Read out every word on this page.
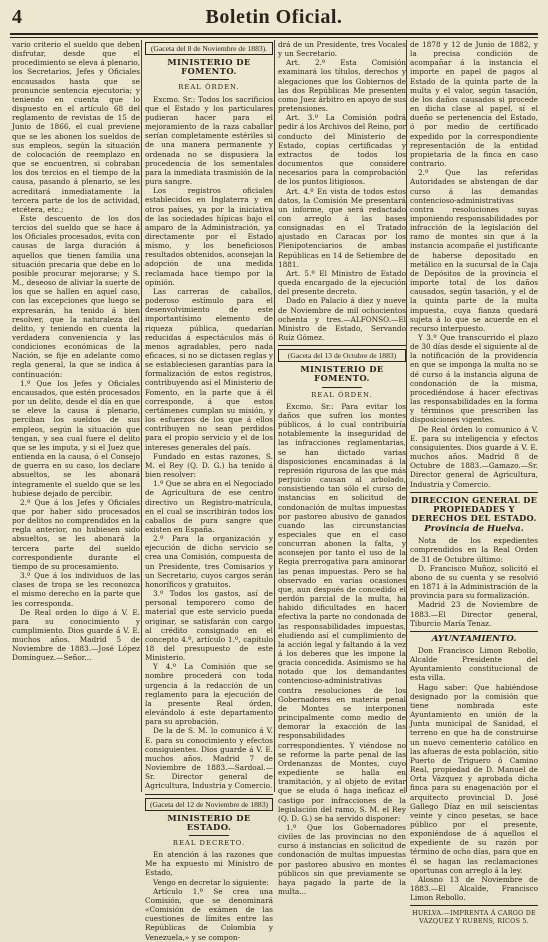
4	Boletin Oficial.

vario criterio el sueldo que deben disfrutar, desde que el procedimiento se eleva á plenario, los Secretarios, Jefes y Oficiales encausados hasta que se pronuncie sentencia ejecutoria; y teniendo en cuenta que lo dispuesto en el artículo 68 del reglamento de revistas de 15 de Junio de 1866, el cual previene que se les abonen los sueldos de sus empleos, según la situación de colocación de reemplazo en que se encuentren, si cobraban los dos tercios en el tiempo de la causa, pasando á plenario, se les acreditará inmediatamente la tercera parte de los de actividad, etcétera, etc.;

Este descuento de los dos tercios del sueldo que se hace á los Oficiales procesados, evita con causas de larga duración á aquellos que tienen familia una situación precaria que debe en lo posible procurar mejorarse; y S. M., deseoso de aliviar la suerte de los que se hallen en aquel caso, con las excepciones que luego se expresarán, ha tenido á bien resolver, que la naturaleza del delito, y teniendo en cuenta la verdadera conveniencia y las condiciones económicas de la Nación, se fije en adelante como regla general, la que se indica á continuación:

1.º Que los Jefes y Oficiales encausados, que estén procesados por un delito, desde el día en que se eleve la causa á plenario, perciban los sueldos de sus empleos, según la situación que tengan, y sea cual fuere el delito que se les imputa, y si el Juez que entienda en la causa, ó el Consejo de guerra en su caso, los declare absueltos, se les abonará íntegramente el sueldo que se les hubiese dejado de percibir.

2.º Que á los Jefes y Oficiales que por haber sido procesados por delitos no comprendidos en la regla anterior, no hubiesen sido absueltos, se les abonará la tercera parte del sueldo correspondiente durante el tiempo de su procesamiento.

3.º Que á los individuos de las clases de tropa se les reconozca el mismo derecho en la parte que les corresponda.

De Real orden lo digo á V. E. para su conocimiento y cumplimiento. Dios guarde á V. E. muchos años. Madrid 5 de Noviembre de 1883.—José López Domínguez.—Señor...

(Gaceta del 8 de Noviembre de 1883).
MINISTERIO DE FOMENTO.
REAL ÓRDEN.

Excmo. Sr.: Todos los sacrificios que el Estado y los particulares pudieran hacer para el mejoramiento de la raza caballar serían completamente estériles si de una manera permanente y ordenada no se dispusiera la procedencia de los sementales para la inmediata trasmisión de la pura sangre.

Los registros oficiales establecidos en Inglaterra y en otros países, ya por la iniciativa de las sociedades hípicas bajo el amparo de la Administración, ya directamente por el Estado mismo, y los beneficiosos resultados obtenidos, aconsejan la adopción de una medida reclamada hace tiempo por la opinión.

Las carreras de caballos, poderoso estímulo para el desenvolvimiento de este importantísimo elemento de riqueza pública, quedarían reducidas á espectáculos más ó menos agradables, pero nada eficaces, si no se dictasen reglas y se estableciesen garantías para la formalización de estos registros, contribuyendo así el Ministerio de Fomento, en la parte que á él corresponde, á que estos certámenes cumplan su misión, y los esfuerzos de los que á ellos contribuyen no sean perdidos para el propio servicio y el de los intereses generales del país.

Fundado en estas razones, S. M. el Rey (Q. D. G.) ha tenido á bien resolver:

1.º Que se abra en el Negociado de Agricultura de ese centro directivo un Registro-matrícula, en el cual se inscribirán todos los caballos de pura sangre que existen en España.

2.º Para la organización y ejecución de dicho servicio se crea una Comisión, compuesta de un Presidente, tres Comisarios y un Secretario, cuyos cargos serán honoríficos y gratuitos.

3.º Todos los gastos, así de personal temporero como de material que este servicio pueda originar, se satisfarán con cargo al crédito consignado en el concepto 4.º, artículo 1.º, capítulo 18 del presupuesto de este Ministerio.

Y 4.º La Comisión que se nombre procederá con toda urgencia á la redacción de un reglamento para la ejecución de la presente Real órden, elevándolo á este departamento para su aprobación.

De la de S. M. lo comunico á V. E. para su conocimiento y efectos consiguientes. Dios guarde á V. E. muchos años. Madrid 7 de Noviembre de 1883.—Sardoal.—Sr. Director general de Agricultura, Industria y Comercio.

(Gaceta del 12 de Noviembre de 1883)
MINISTERIO DE ESTADO.
REAL DECRETO.

En atención á las razones que Me ha expuesto mi Ministro de Estado,

Vengo en decretar lo siguiente:

Artículo 1.º Se crea una Comisión, que se denominará «Comisión de exámen de las cuestiones de límites entre las Repúblicas de Colombia y Venezuela,» y se compon-

drá de un Presidente, tres Vocales y un Secretario.

Art. 2.º Esta Comisión examinará los títulos, derechos y alegaciones que los Gobiernos de las dos Repúblicas Me presenten como Juez árbitro en apoyo de sus pretensiones.

Art. 3.º La Comisión podrá pedir á los Archivos del Reino, por conducto del Ministerio de Estado, copias certificadas y extractos de todos los documentos que considere necesarios para la comprobación de los puntos litigiosos.

Art. 4.º En vista de todos estos datos, la Comisión Me presentará un informe, que será redactado con arreglo á las bases consignadas en el Tratado ajustado en Caracas por los Plenipotenciarios de ambas Repúblicas en 14 de Setiembre de 1881.

Art. 5.º El Ministro de Estado queda encargado de la ejecución del presente decreto.

Dado en Palacio á diez y nueve de Noviembre de mil ochocientos ochenta y tres.—ALFONSO.—El Ministro de Estado, Servando Ruiz Gómez.

(Gaceta del 13 de Octubre de 1883)
MINISTERIO DE FOMENTO.
REAL ÓRDEN.

Excmo. Sr.: Para evitar los daños que sufren los montes públicos, á lo cual contribuiría notablemente la inseguridad de las infracciones reglamentarias, se han dictado varias disposiciones encaminadas á la represión rigurosa de las que más perjuicio causan al arbolado, consistiendo tan sólo el curso de instancias en solicitud de condonación de multas impuestas por pastoreo abusivo de ganados cuando las circunstancias especiales que en el caso concurran abonen la falta, y aconsejen por tanto el uso de la Regia prerrogativa para aminorar las penas impuestas. Pero se ha observado en varias ocasiones que, aun después de concedido el perdón parcial de la multa, ha habido dificultades en hacer efectiva la parte no condonada de las responsabilidades impuestas, eludiendo así el cumplimiento de la acción legal y faltando á la vez á los deberes que les impone la gracia concedida. Asimismo se ha notado que los demandantes contencioso-administrativas contra resoluciones de los Gobernadores en materia penal de Montes se interponen principalmente como medio de demorar la exacción de las responsabilidades correspondientes. Y viéndose no se reforme la parte penal de las Ordenanzas de Montes, cuyo expediente se halla en tramitación, y al objeto de evitar que se eluda ó haga ineficaz el castigo por infracciones de la legislación del ramo, S. M. el Rey (Q. D. G.) se ha servido disponer:

1.º Que los Gobernadores civiles de las provincias no den curso á instancias en solicitud de condonación de multas impuestas por pastoreo abusivo en montes públicos sin que previamente se haya pagado la parte de la multa...

de 1878 y 12 de Junio de 1882, y la precisa condición de acompañar á la instancia el importe en papel de pagos al Estado de la quinta parte de la multa y el valor, según tasación, de los daños causados si procede en dicha clase al papel, sí el dueño se pertenencia del Estado, ó por medio de certificado expedido por la correspondiente representación de la entidad propietaria de la finca en caso contrario.

2.º Que las referidas Autoridades se abstengan de dar curso á las demandas contencioso-administrativas contra resoluciones suyas imponiendo responsabilidades por infracción de la legislación del ramo de montes sin que á la instancia acompañe el justificante de haberse depositado en metálico en la sucursal de la Caja de Depósitos de la provincia el importe total de los daños causados, según tasación, y el de la quinta parte de la multa impuesta, cuya fianza quedará sujeta á lo que se acuerde en el recurso interpuesto.

Y 3.º Que transcurrido el plazo de 30 días desde el siguiente al de la notificación de la providencia en que se imponga la multa no se dé curso á la instancia alguna de condonación de la misma, procediéndose á hacer efectivas las responsabilidades en la forma y términos que prescriben las disposiciones vigentes.

De Real órden lo comunico á V. E. para su inteligencia y efectos consiguientes. Dios guarde á V. E. muchos años. Madrid 8 de Octubre de 1883.—Gamazo.—Sr. Director general de Agricultura, Industria y Comercio.

DIRECCION GENERAL DE PROPIEDADES Y DERECHOS DEL ESTADO.
Provincia de Huelva.

Nota de los expedientes comprendidos en la Real Orden de 31 de Octubre último:

D. Francisco Muñoz, solicitó el abono de su cuenta y se resolvió en 1871 á la Administración de la provincia para su formalización.

Madrid 23 de Noviembre de 1883.—El Director general, Tiburcio María Tenaz.

AYUNTAMIENTO.

Don Francisco Limon Rebollo, Alcalde Presidente del Ayuntamiento constitucional de esta villa.

Hago saber: Que habiéndose designado por la comisión que tiene nombrada este Ayuntamiento en unión de la Junta municipal de Sanidad, el terreno en que ha de construirse un nuevo cementerio católico en las afueras de esta población, sitio Puerto de Triguero ó Camino Real, propiedad de D. Manuel de Orta Vázquez y aprobada dicha finca para su enagenación por el arquitecto provincial D. José Gallego Díaz en mil seiscientas veinte y cinco pesetas, se hace público por el presente, exponiéndose de á aquellos el expediente de su razón por término de ocho días, para que en él se hagan las reclamaciones oportunas con arreglo á la ley.

Alosno 13 de Noviembre de 1883.—El Alcalde, Francisco Limon Rebollo.

HUELVA.—IMPRENTA Á CARGO DE VÁZQUEZ Y RUBENS, RICOS 5.
